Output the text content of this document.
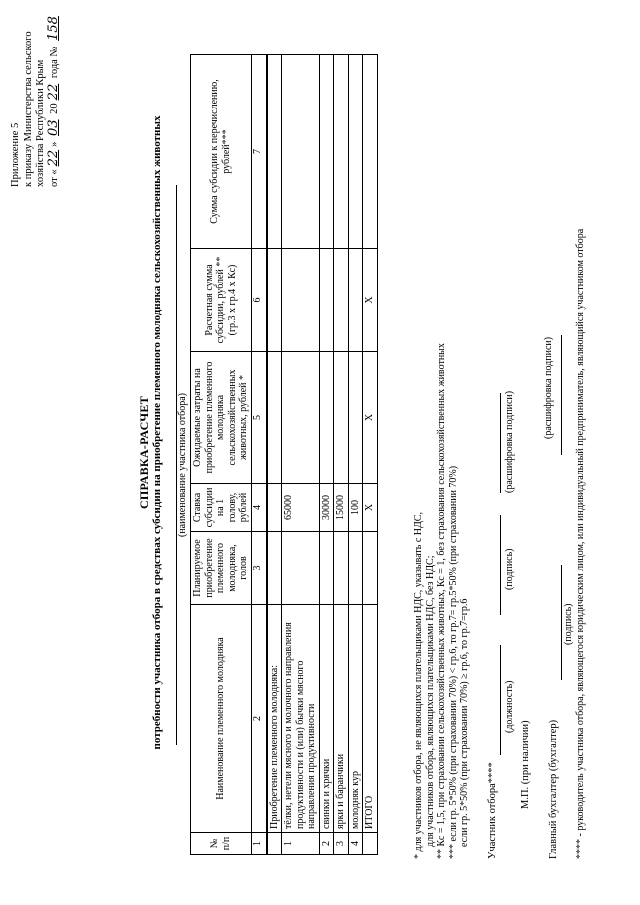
Приложение 5 к приказу Министерства сельского хозяйства Республики Крым от «22» 03 2022 года № 158
СПРАВКА-РАСЧЕТ потребности участника отбора в средствах субсидии на приобретение племенного молодняка сельскохозяйственных животных (наименование участника отбора)
№ п/п	Наименование племенного молодняка	Планируемое приобретение племенного молодняка, голов	Ставка субсидии на 1 голову, рублей	Ожидаемые затраты на приобретение племенного молодняка сельскохозяйственных животных, рублей *	Расчетная сумма субсидии, рублей ** (гр.3 х гр.4 х Кс)	Сумма субсидии к перечислению, рублей***
1	2	3	4	5	6	7
	Приобретение племенного молодняка:					
1	тёлки, нетели мясного и молочного направления продуктивности и (или) бычки мясного направления продуктивности		65000			
2	свинки и хрячки		30000			
3	ярки и баранчики		15000			
4	молодняк кур		100			
	ИТОГО		X	X	X	
* для участников отбора, не являющихся плательщиками НДС, указывать с НДС, для участников отбора, являющихся плательщиками НДС, без НДС; ** Кс = 1,5, при страховании сельскохозяйственных животных, Кс = 1, без страхования сельскохозяйственных животных *** если гр. 5*50% (при страховании 70%) < гр.6, то гр.7= гр.5*50% (при страховании 70%) если гр. 5*50% (при страховании 70%) ≥ гр.6, то гр.7=гр.6 Участник отбора****
(должность)
(подпись)
(расшифровка подписи)
М.П. (при наличии) Главный бухгалтер (бухгалтер)
(подпись)
(расшифровка подписи) **** - руководитель участника отбора, являющегося юридическим лицом, или индивидуальный предприниматель, являющийся участником отбора
